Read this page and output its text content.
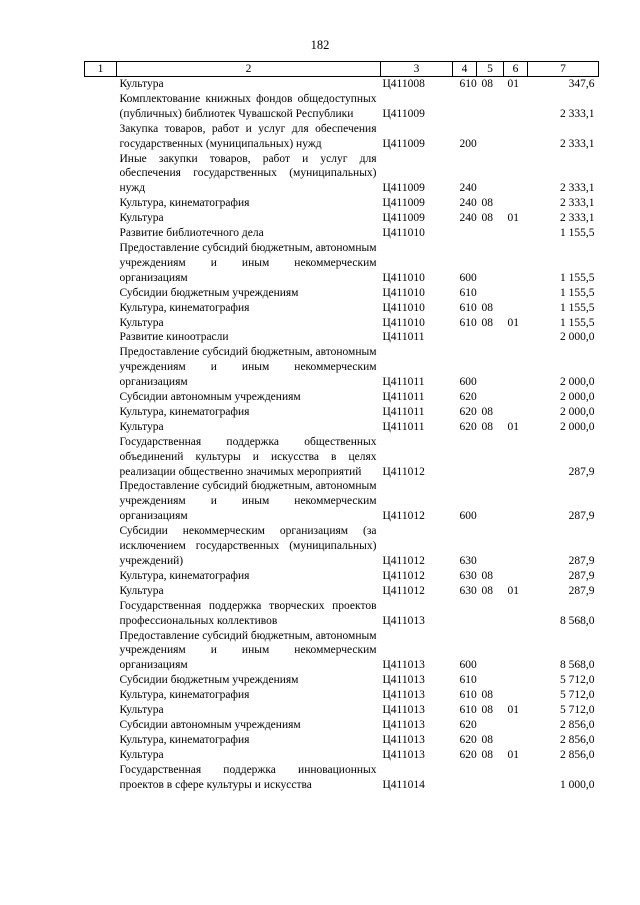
182
1	2	3	4	5	6	7
	Культура	Ц411008	610	08	01	347,6
	Комплектование книжных фондов общедоступных (публичных) библиотек Чувашской Республики	Ц411009				2 333,1
	Закупка товаров, работ и услуг для обеспечения государственных (муниципальных) нужд	Ц411009	200			2 333,1
	Иные закупки товаров, работ и услуг для обеспечения государственных (муниципальных) нужд	Ц411009	240			2 333,1
	Культура, кинематография	Ц411009	240	08		2 333,1
	Культура	Ц411009	240	08	01	2 333,1
	Развитие библиотечного дела	Ц411010				1 155,5
	Предоставление субсидий бюджетным, автономным учреждениям и иным некоммерческим организациям	Ц411010	600			1 155,5
	Субсидии бюджетным учреждениям	Ц411010	610			1 155,5
	Культура, кинематография	Ц411010	610	08		1 155,5
	Культура	Ц411010	610	08	01	1 155,5
	Развитие киноотрасли	Ц411011				2 000,0
	Предоставление субсидий бюджетным, автономным учреждениям и иным некоммерческим организациям	Ц411011	600			2 000,0
	Субсидии автономным учреждениям	Ц411011	620			2 000,0
	Культура, кинематография	Ц411011	620	08		2 000,0
	Культура	Ц411011	620	08	01	2 000,0
	Государственная поддержка общественных объединений культуры и искусства в целях реализации общественно значимых мероприятий	Ц411012				287,9
	Предоставление субсидий бюджетным, автономным учреждениям и иным некоммерческим организациям	Ц411012	600			287,9
	Субсидии некоммерческим организациям (за исключением государственных (муниципальных) учреждений)	Ц411012	630			287,9
	Культура, кинематография	Ц411012	630	08		287,9
	Культура	Ц411012	630	08	01	287,9
	Государственная поддержка творческих проектов профессиональных коллективов	Ц411013				8 568,0
	Предоставление субсидий бюджетным, автономным учреждениям и иным некоммерческим организациям	Ц411013	600			8 568,0
	Субсидии бюджетным учреждениям	Ц411013	610			5 712,0
	Культура, кинематография	Ц411013	610	08		5 712,0
	Культура	Ц411013	610	08	01	5 712,0
	Субсидии автономным учреждениям	Ц411013	620			2 856,0
	Культура, кинематография	Ц411013	620	08		2 856,0
	Культура	Ц411013	620	08	01	2 856,0
	Государственная поддержка инновационных проектов в сфере культуры и искусства	Ц411014				1 000,0
